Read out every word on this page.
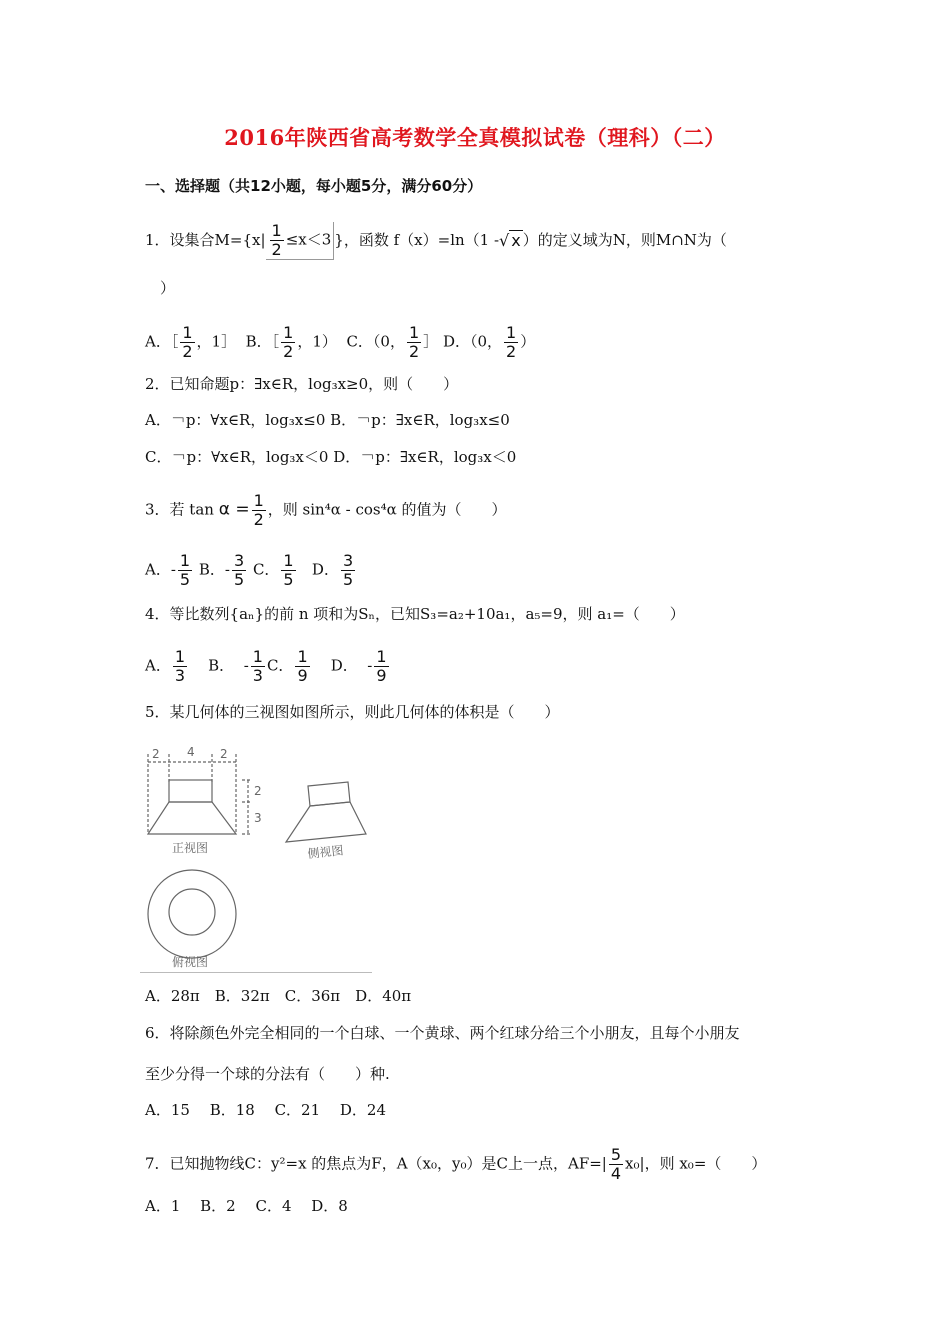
2016年陕西省高考数学全真模拟试卷（理科）（二）
一、选择题（共12小题，每小题5分，满分60分）
1．设集合$M=\{x| \frac{1}{2} \le x<3$ }，函数 f（x）=ln（1 -√ x ）的定义域为N，则M∩N为（
）
A．［ $\frac{1}{2}$ ，1］ B．［ $\frac{1}{2}$ ，1） C．（0， $\frac{1}{2}$ ］ D．（0， $\frac{1}{2}$ ）
2．已知命题p：∃x∈R，log₃x≥0，则（　　）
A．￢p：∀x∈R，log₃x≤0 B．￢p：∃x∈R，log₃x≤0
C．￢p：∀x∈R，log₃x＜0 D．￢p：∃x∈R，log₃x＜0
3．若 $\tan \alpha = \frac{1}{2}$ ，则 sin⁴α - cos⁴α 的值为（　　）
A．- $\frac{1}{5}$ B．- $\frac{3}{5}$ C． $\frac{1}{5}$ D． $\frac{3}{5}$
4．等比数列{aₙ}的前 n 项和为Sₙ，已知S₃=a₂+10a₁，a₅=9，则 a₁=（　　）
A． $\frac{1}{3}$ B． - $\frac{1}{3}$ C． $\frac{1}{9}$ D． - $\frac{1}{9}$
5．某几何体的三视图如图所示，则此几何体的体积是（　　）
2 4 2
2
3
正视图	侧视图
俯视图
A．28π　B．32π　C．36π　D．40π
6．将除颜色外完全相同的一个白球、一个黄球、两个红球分给三个小朋友，且每个小朋友
至少分得一个球的分法有（　　）种.
A．15　 B．18　 C．21　 D．24
7．已知抛物线C：y²=x 的焦点为F，A（x₀，y₀）是C上一点，$AF=| \frac{5}{4} x_0|$，则 x₀=（　　）
A．1　 B．2　 C．4　 D．8
